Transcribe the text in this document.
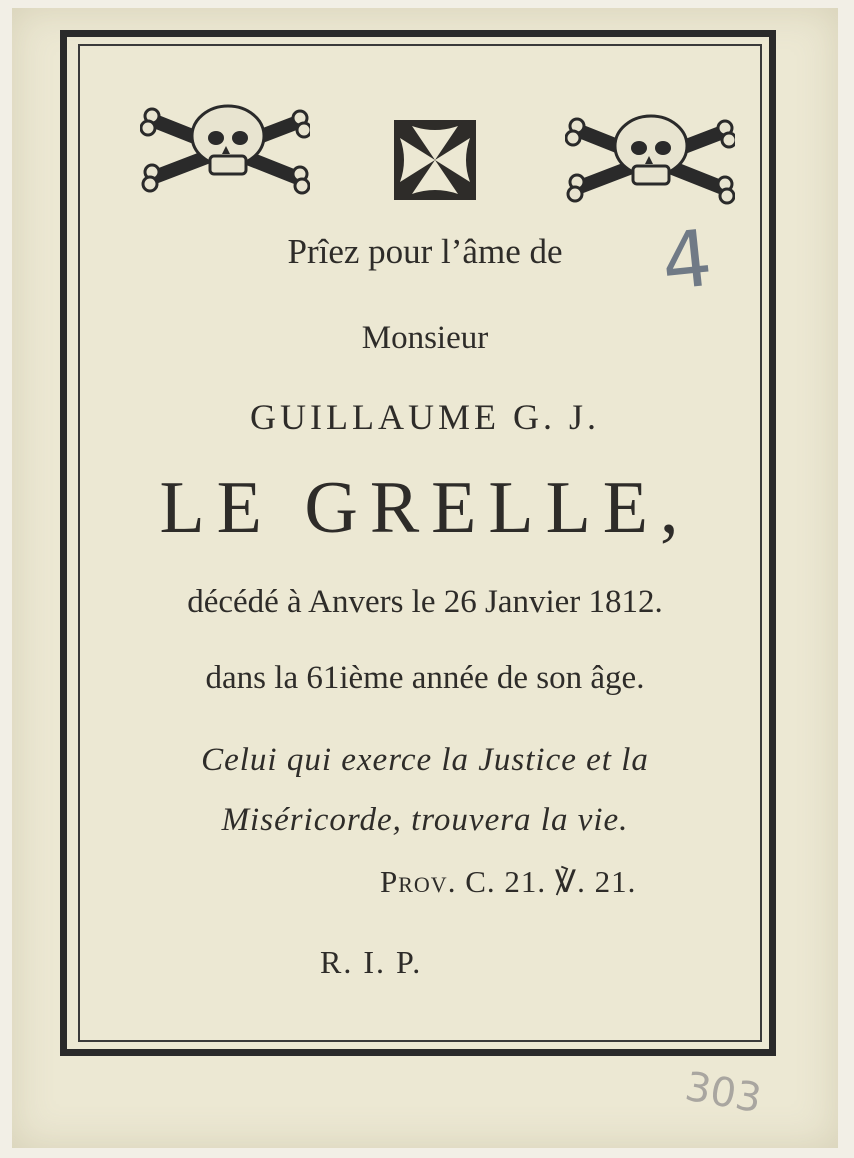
Prîez pour l’âme de
Monsieur
GUILLAUME G. J.
LE GRELLE,
décédé à Anvers le 26 Janvier 1812.
dans la 61ième année de son âge.
Celui qui exerce la Justice et la
Miséricorde, trouvera la vie.
Prov. C. 21. ℣. 21.
R. I. P.
4
303
